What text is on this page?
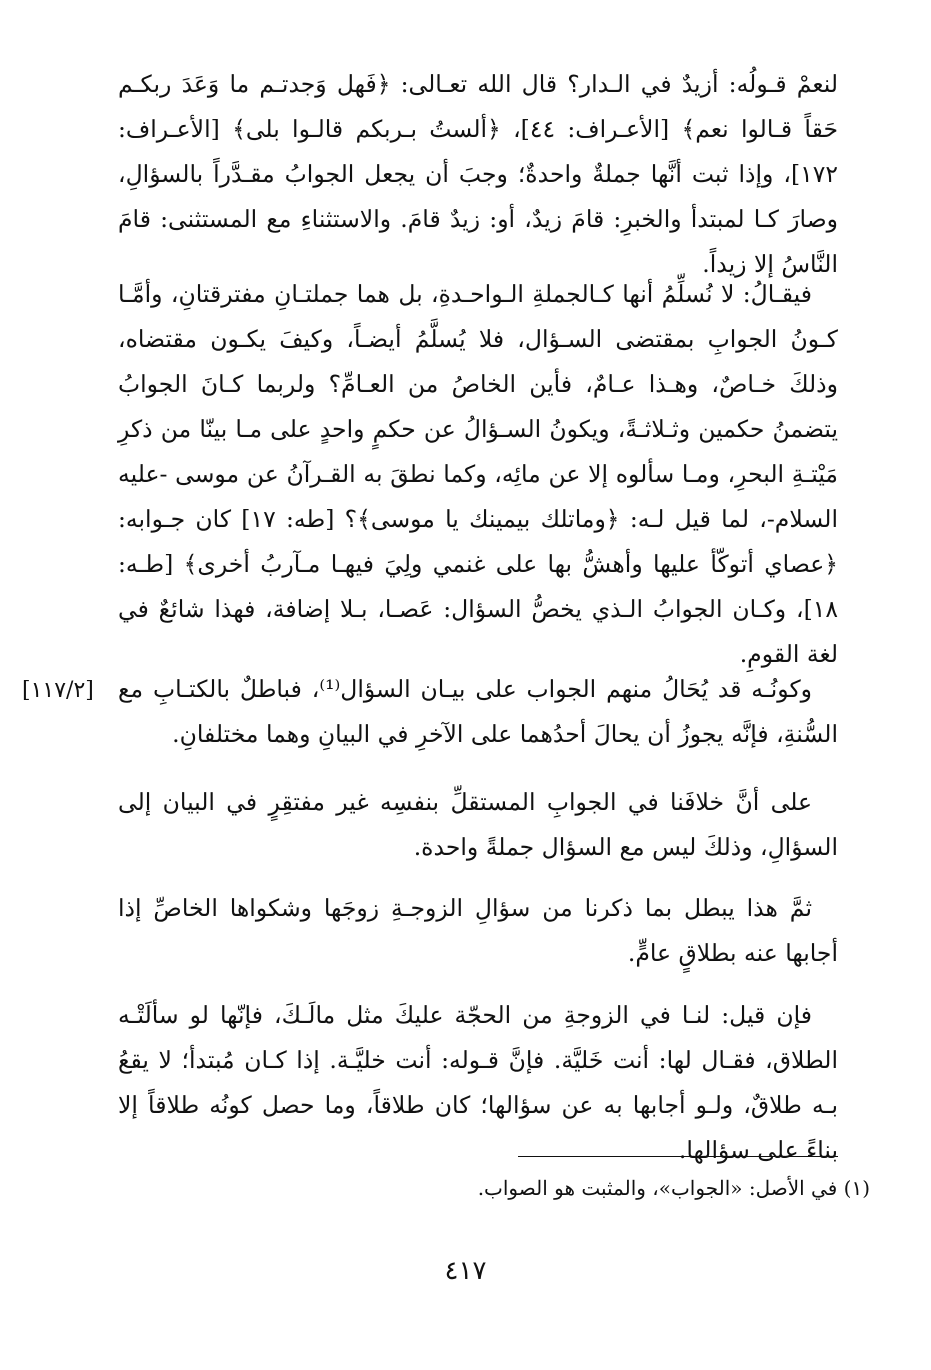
لنعمْ قـولُه: أزيدٌ في الـدار؟ قال الله تعـالى: ﴿فَهل وَجدتـم ما وَعَدَ ربكـم حَقاً قـالوا نعم﴾ [الأعـراف: ٤٤]، ﴿ألستُ بـربكم قالـوا بلى﴾ [الأعـراف: ١٧٢]، وإذا ثبت أنَّها جملةٌ واحدةٌ؛ وجبَ أن يجعل الجوابُ مقـدَّراً بالسؤالِ، وصارَ كـا لمبتدأ والخبرِ: قامَ زيدٌ، أو: زيدٌ قامَ. والاستثناءِ مع المستثنى: قامَ النَّاسُ إلا زيداً.

فيقـالُ: لا نُسلِّمُ أنها كـالجملةِ الـواحـدةِ، بل هما جملتـانِ مفترقتانِ، وأمَّـا كـونُ الجوابِ بمقتضى السـؤال، فلا يُسلَّمُ أيضـاً، وكيفَ يكـون مقتضاه، وذلكَ خـاصٌ، وهـذا عـامٌ، فأين الخاصُ من العـامِّ؟ ولربما كـانَ الجوابُ يتضمنُ حكمين وثـلاثـةً، ويكونُ السـؤالُ عن حكمٍ واحدٍ على مـا بينّا من ذكرِ مَيْتـةِ البحرِ، ومـا سألوه إلا عن مائِه، وكما نطقَ به القـرآنُ عن موسى -عليه السلام-، لما قيل لـه: ﴿وماتلك بيمينك يا موسى﴾؟ [طه: ١٧] كان جـوابه: ﴿عصاي أتوكّأ عليها وأهشُّ بها على غنمي ولِيَ فيهـا مـآربُ أخرى﴾ [طـه: ١٨]، وكـان الجوابُ الـذي يخصُّ السؤال: عَصـا، بـلا إضافة، فهذا شائعٌ في لغة القومِ.

[١١٧/٢] وكونُـه قد يُحَالُ منهم الجواب على بيـان السؤال⁽¹⁾، فباطلٌ بالكتـابِ مع السُّنةِ، فإنَّه يجوزُ أن يحالَ أحدُهما على الآخرِ في البيانِ وهما مختلفانِ.

على أنَّ خلافَنا في الجوابِ المستقلِّ بنفسِه غير مفتقِرٍ في البيان إلى السؤالِ، وذلكَ ليس مع السؤال جملةً واحدة.

ثمَّ هذا يبطل بما ذكرنا من سؤالِ الزوجـةِ زوجَها وشكواها الخاصِّ إذا أجابها عنه بطلاقٍ عامٍّ.

فإن قيل: لنـا في الزوجةِ من الحجّة عليكَ مثل مالَـكَ، فإنّها لو سألَتْـه الطلاق، فقـال لها: أنت خَليَّة. فإنَّ قـوله: أنت خليَّـة. إذا كـان مُبتدأ؛ لا يقعُ بـه طلاقٌ، ولـو أجابها به عن سؤالها؛ كان طلاقاً، وما حصل كونُه طلاقاً إلا بناءً على سؤالها.

(١) في الأصل: «الجواب»، والمثبت هو الصواب.
٤١٧
